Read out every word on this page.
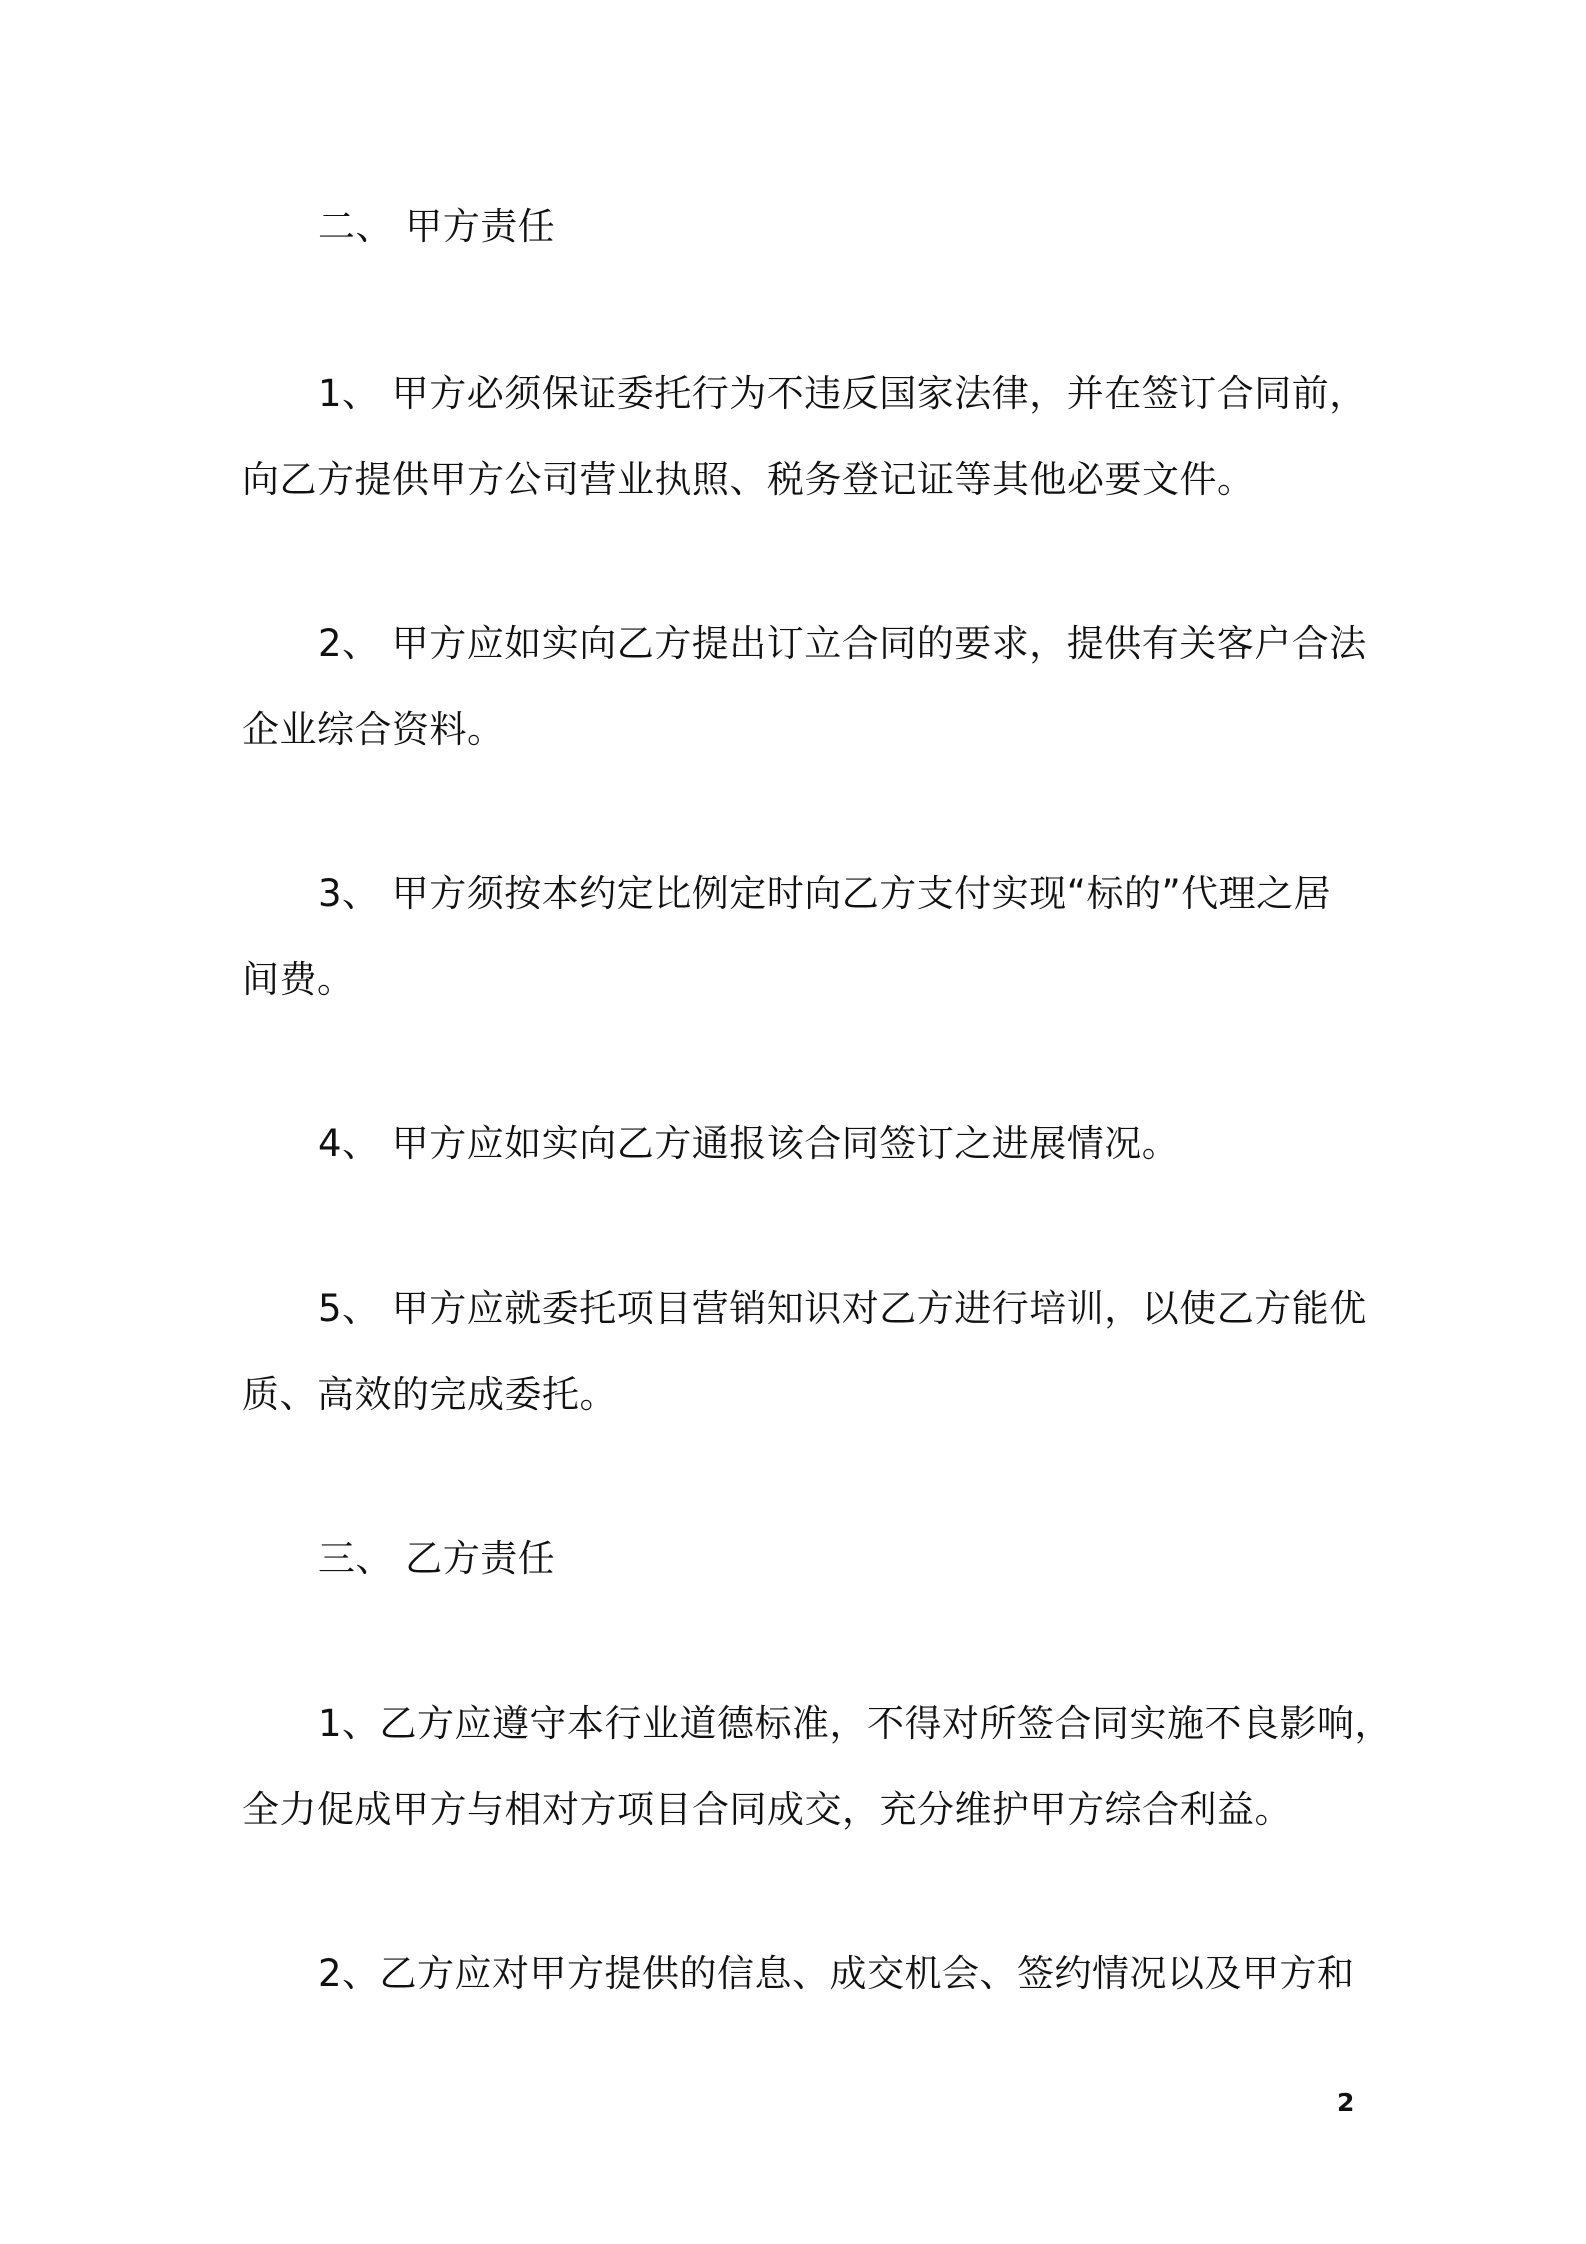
二、 甲方责任
1、 甲方必须保证委托行为不违反国家法律，并在签订合同前，
向乙方提供甲方公司营业执照、税务登记证等其他必要文件。
2、 甲方应如实向乙方提出订立合同的要求，提供有关客户合法
企业综合资料。
3、 甲方须按本约定比例定时向乙方支付实现“标的”代理之居
间费。
4、 甲方应如实向乙方通报该合同签订之进展情况。
5、 甲方应就委托项目营销知识对乙方进行培训，以使乙方能优
质、高效的完成委托。
三、 乙方责任
1、乙方应遵守本行业道德标准，不得对所签合同实施不良影响，
全力促成甲方与相对方项目合同成交，充分维护甲方综合利益。
2、乙方应对甲方提供的信息、成交机会、签约情况以及甲方和
2
